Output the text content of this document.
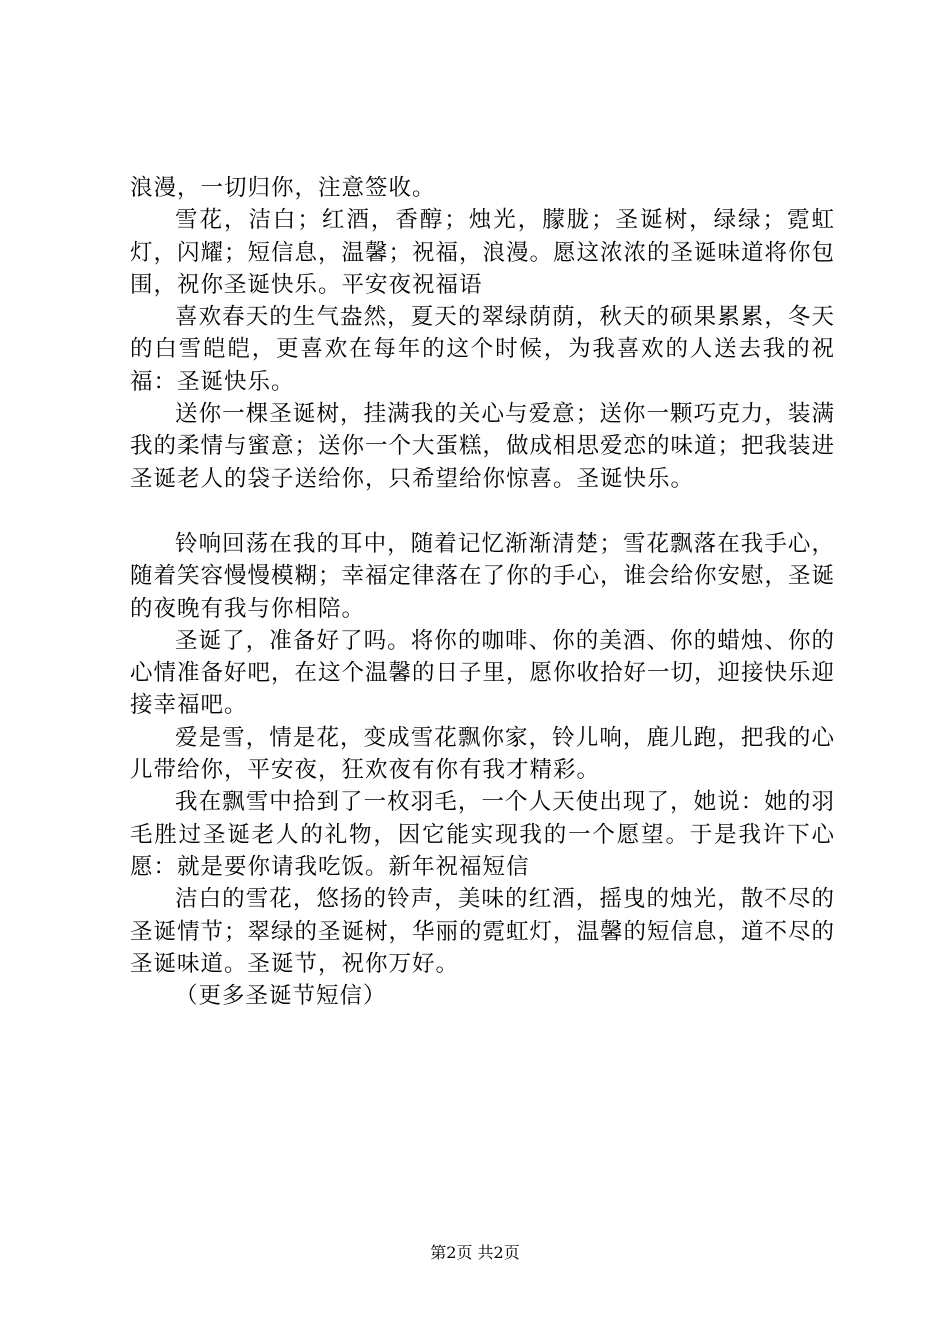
浪漫，一切归你，注意签收。

雪花，洁白；红酒，香醇；烛光，朦胧；圣诞树，绿绿；霓虹灯，闪耀；短信息，温馨；祝福，浪漫。愿这浓浓的圣诞味道将你包围，祝你圣诞快乐。平安夜祝福语

喜欢春天的生气盎然，夏天的翠绿荫荫，秋天的硕果累累，冬天的白雪皑皑，更喜欢在每年的这个时候，为我喜欢的人送去我的祝福：圣诞快乐。

送你一棵圣诞树，挂满我的关心与爱意；送你一颗巧克力，装满我的柔情与蜜意；送你一个大蛋糕，做成相思爱恋的味道；把我装进圣诞老人的袋子送给你，只希望给你惊喜。圣诞快乐。

铃响回荡在我的耳中，随着记忆渐渐清楚；雪花飘落在我手心，随着笑容慢慢模糊；幸福定律落在了你的手心，谁会给你安慰，圣诞的夜晚有我与你相陪。

圣诞了，准备好了吗。将你的咖啡、你的美酒、你的蜡烛、你的心情准备好吧，在这个温馨的日子里，愿你收拾好一切，迎接快乐迎接幸福吧。

爱是雪，情是花，变成雪花飘你家，铃儿响，鹿儿跑，把我的心儿带给你，平安夜，狂欢夜有你有我才精彩。

我在飘雪中拾到了一枚羽毛，一个人天使出现了，她说：她的羽毛胜过圣诞老人的礼物，因它能实现我的一个愿望。于是我许下心愿：就是要你请我吃饭。新年祝福短信

洁白的雪花，悠扬的铃声，美味的红酒，摇曳的烛光，散不尽的圣诞情节；翠绿的圣诞树，华丽的霓虹灯，温馨的短信息，道不尽的圣诞味道。圣诞节，祝你万好。

（更多圣诞节短信）

第2页 共2页
